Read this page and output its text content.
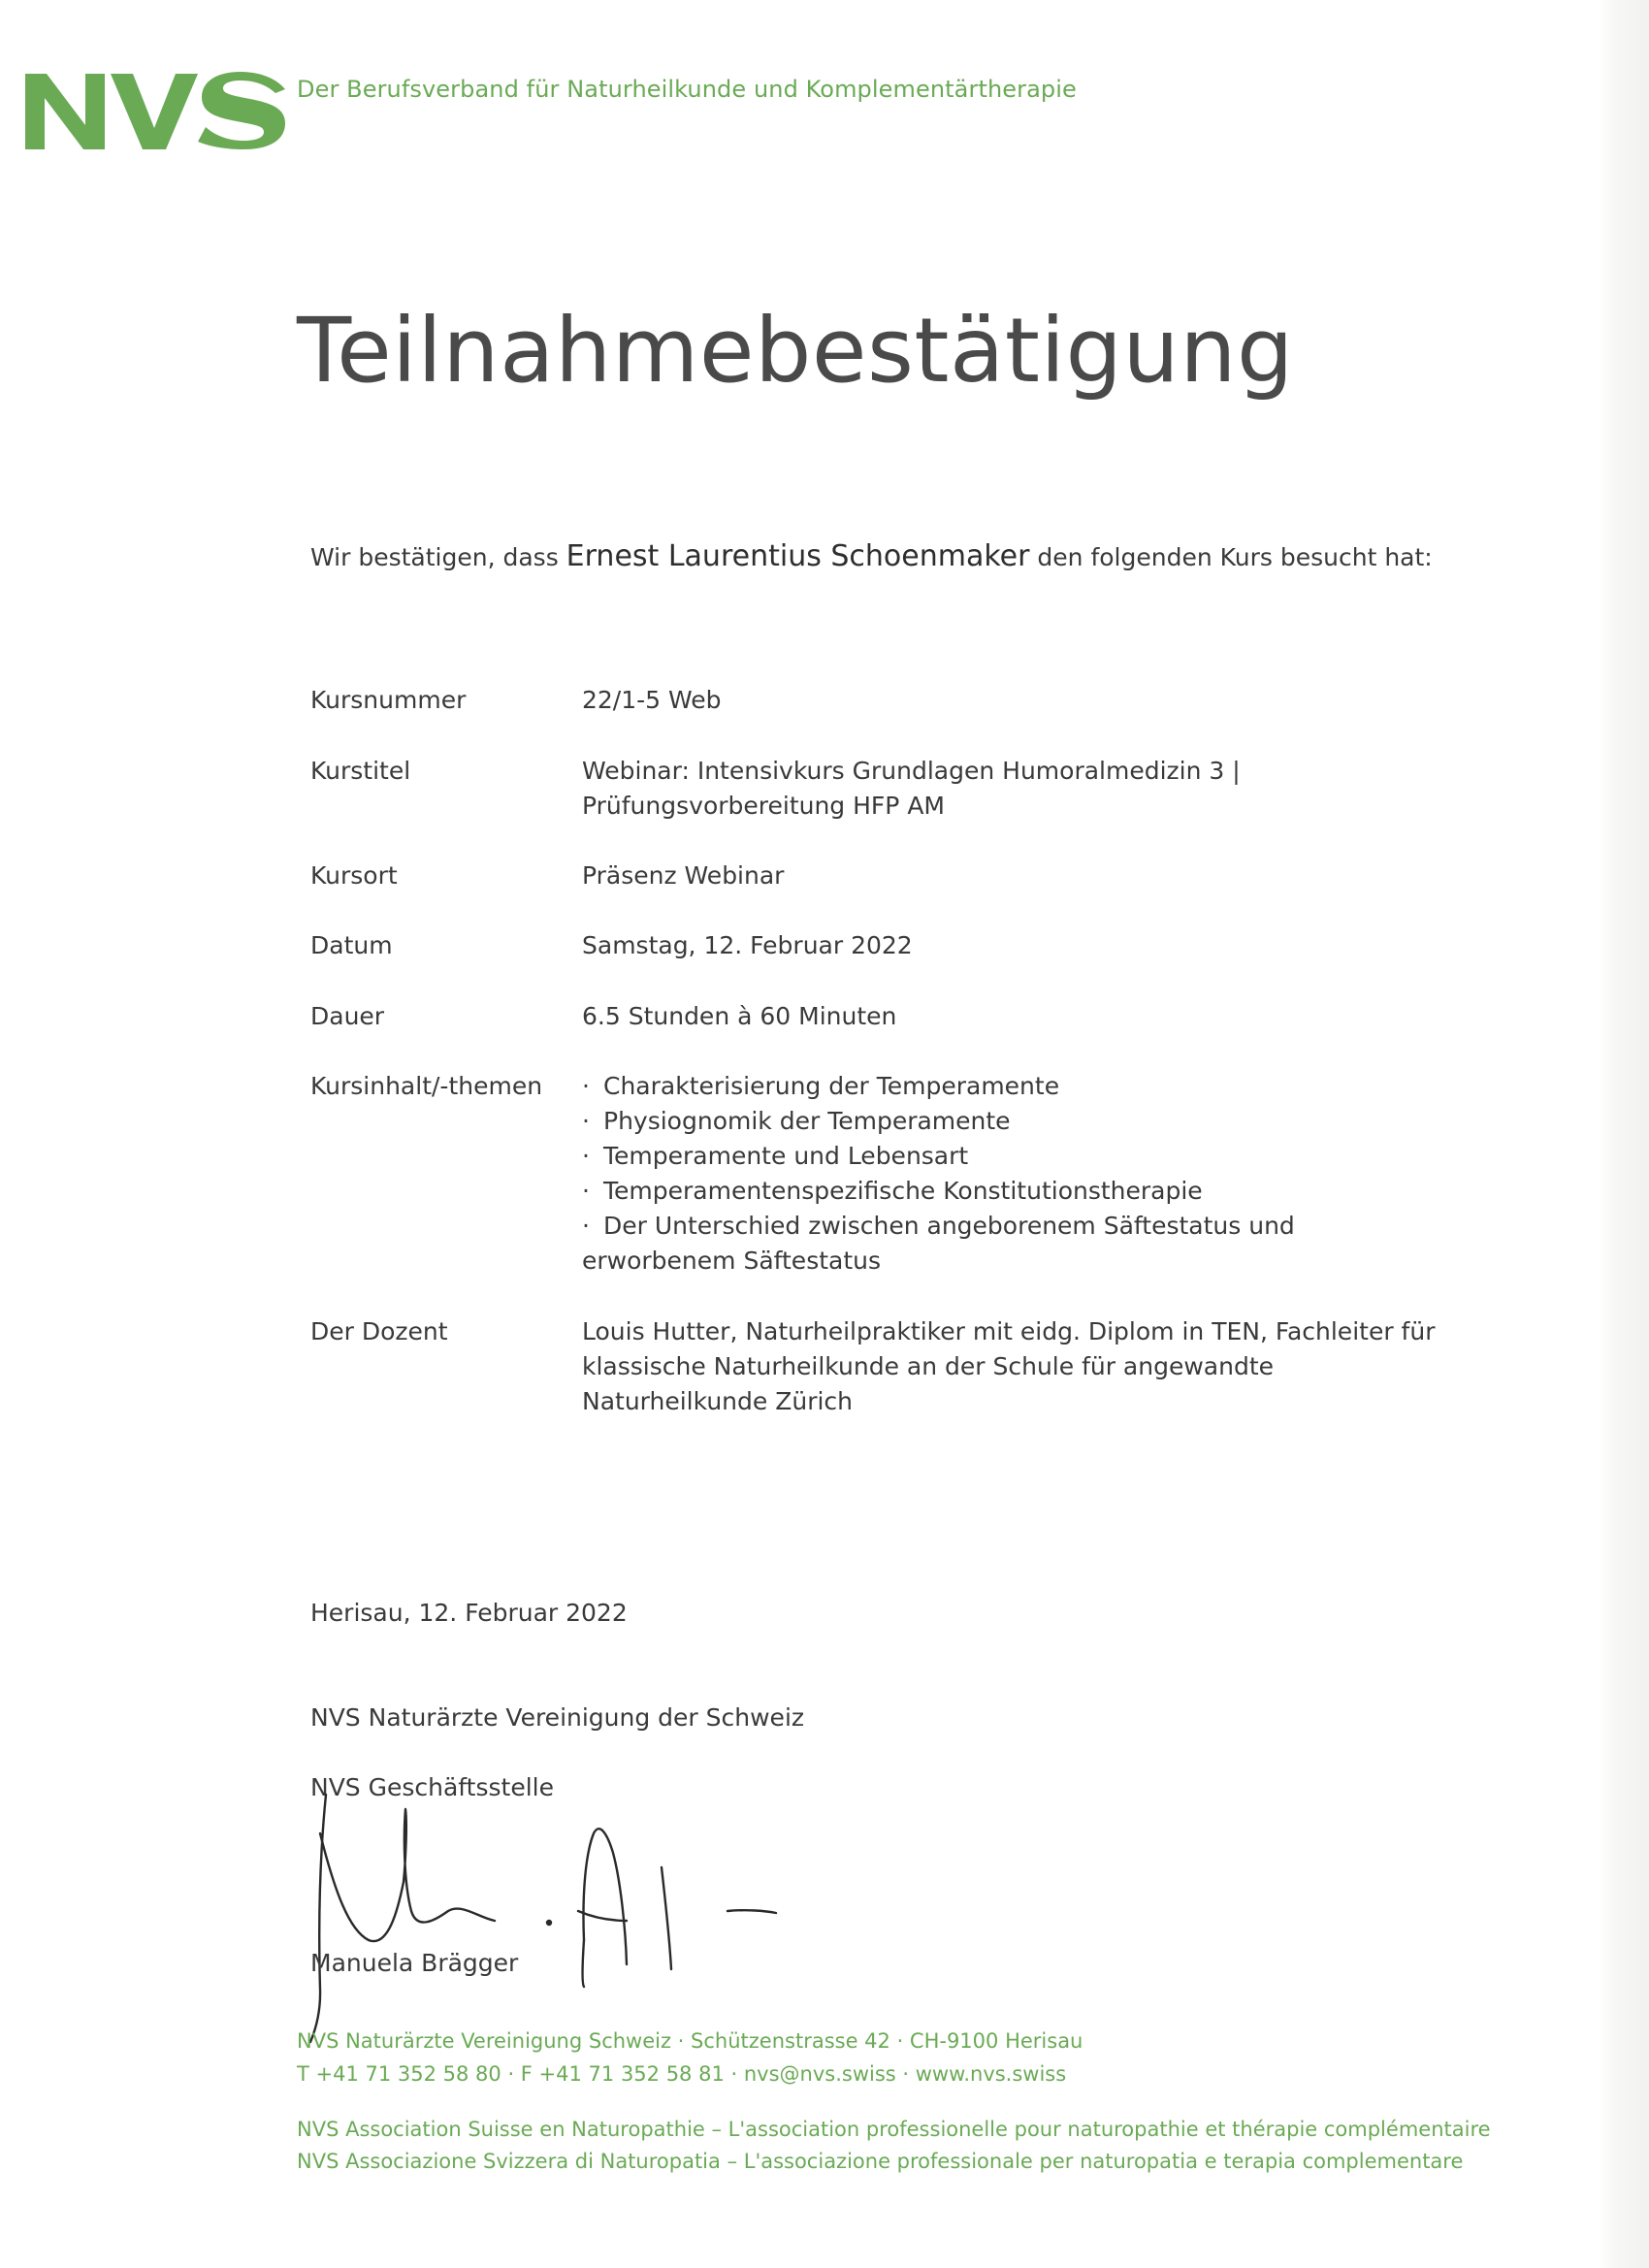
Der Berufsverband für Naturheilkunde und Komplementärtherapie
Teilnahmebestätigung
Wir bestätigen, dass Ernest Laurentius Schoenmaker den folgenden Kurs besucht hat:
Kursnummer	22/1-5 Web
Kurstitel	Webinar: Intensivkurs Grundlagen Humoralmedizin 3 | Prüfungsvorbereitung HFP AM
Kursort	Präsenz Webinar
Datum	Samstag, 12. Februar 2022
Dauer	6.5 Stunden à 60 Minuten
Kursinhalt/-themen	· Charakterisierung der Temperamente
· Physiognomik der Temperamente
· Temperamente und Lebensart
· Temperamentenspezifische Konstitutionstherapie
· Der Unterschied zwischen angeborenem Säftestatus und erworbenem Säftestatus
Der Dozent	Louis Hutter, Naturheilpraktiker mit eidg. Diplom in TEN, Fachleiter für klassische Naturheilkunde an der Schule für angewandte Naturheilkunde Zürich
Herisau, 12. Februar 2022
NVS Naturärzte Vereinigung der Schweiz
NVS Geschäftsstelle
Manuela Brägger
NVS Naturärzte Vereinigung Schweiz · Schützenstrasse 42 · CH-9100 Herisau
T +41 71 352 58 80 · F +41 71 352 58 81 · nvs@nvs.swiss · www.nvs.swiss
NVS Association Suisse en Naturopathie – L'association professionelle pour naturopathie et thérapie complémentaire
NVS Associazione Svizzera di Naturopatia – L'associazione professionale per naturopatia e terapia complementare
